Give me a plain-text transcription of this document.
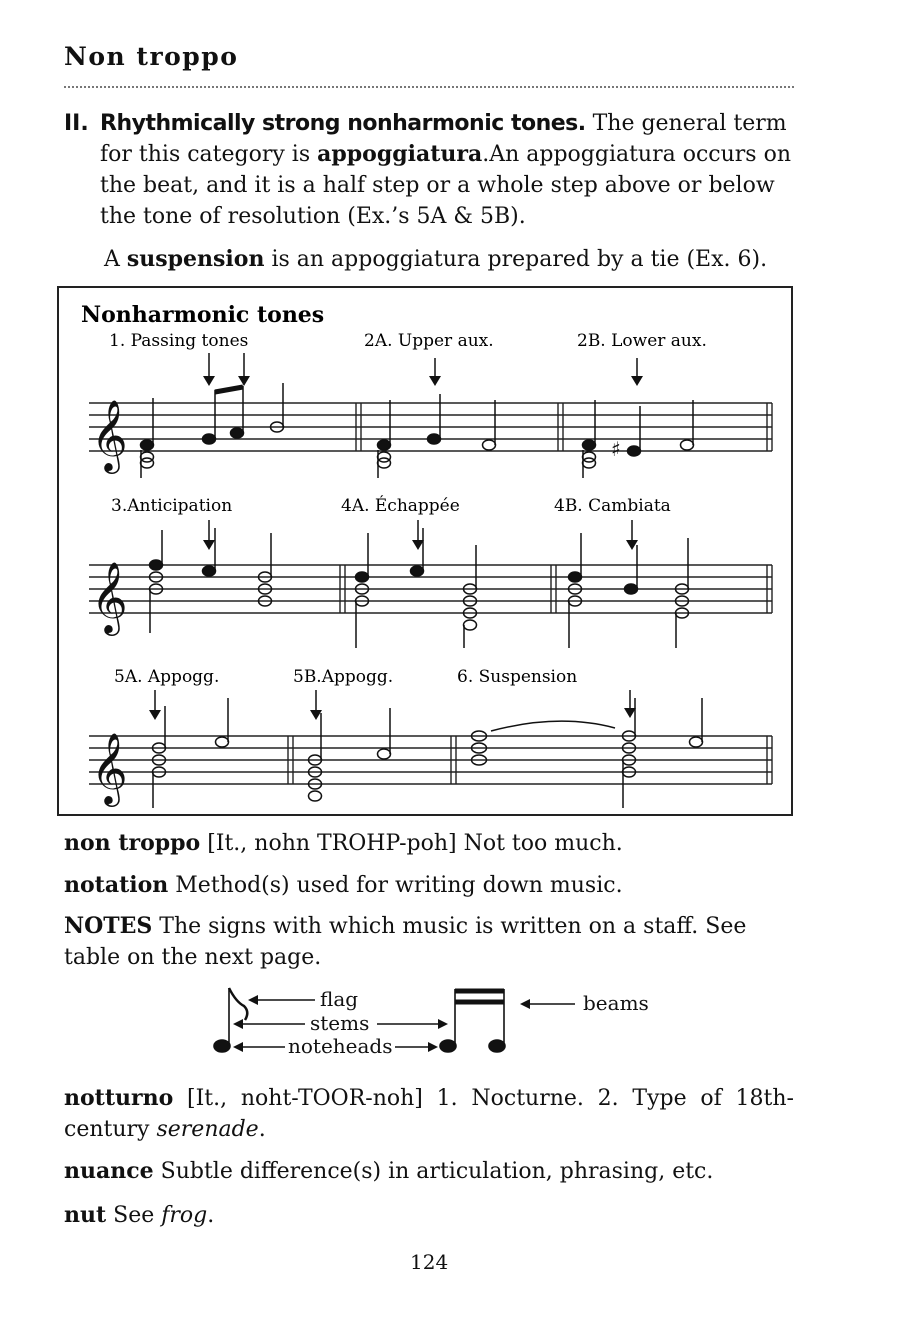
Non troppo
II. Rhythmically strong nonharmonic tones. The general term for this category is appoggiatura.An appoggiatura occurs on the beat, and it is a half step or a whole step above or below the tone of resolution (Ex.’s 5A & 5B).
A suspension is an appoggiatura prepared by a tie (Ex. 6).
Nonharmonic tones
1. Passing tones	2A. Upper aux.	2B. Lower aux.
3.Anticipation	4A. Échappée	4B. Cambiata
5A. Appogg.	5B.Appogg.	6. Suspension
𝄞
𝄞
𝄞
♯
non troppo [It., nohn TROHP-poh] Not too much.
notation Method(s) used for writing down music.
NOTES The signs with which music is written on a staff. See table on the next page.
flag
stems
noteheads
beams
notturno [It., noht-TOOR-noh] 1. Nocturne. 2. Type of 18th-century serenade.
nuance Subtle difference(s) in articulation, phrasing, etc.
nut See frog.
124
